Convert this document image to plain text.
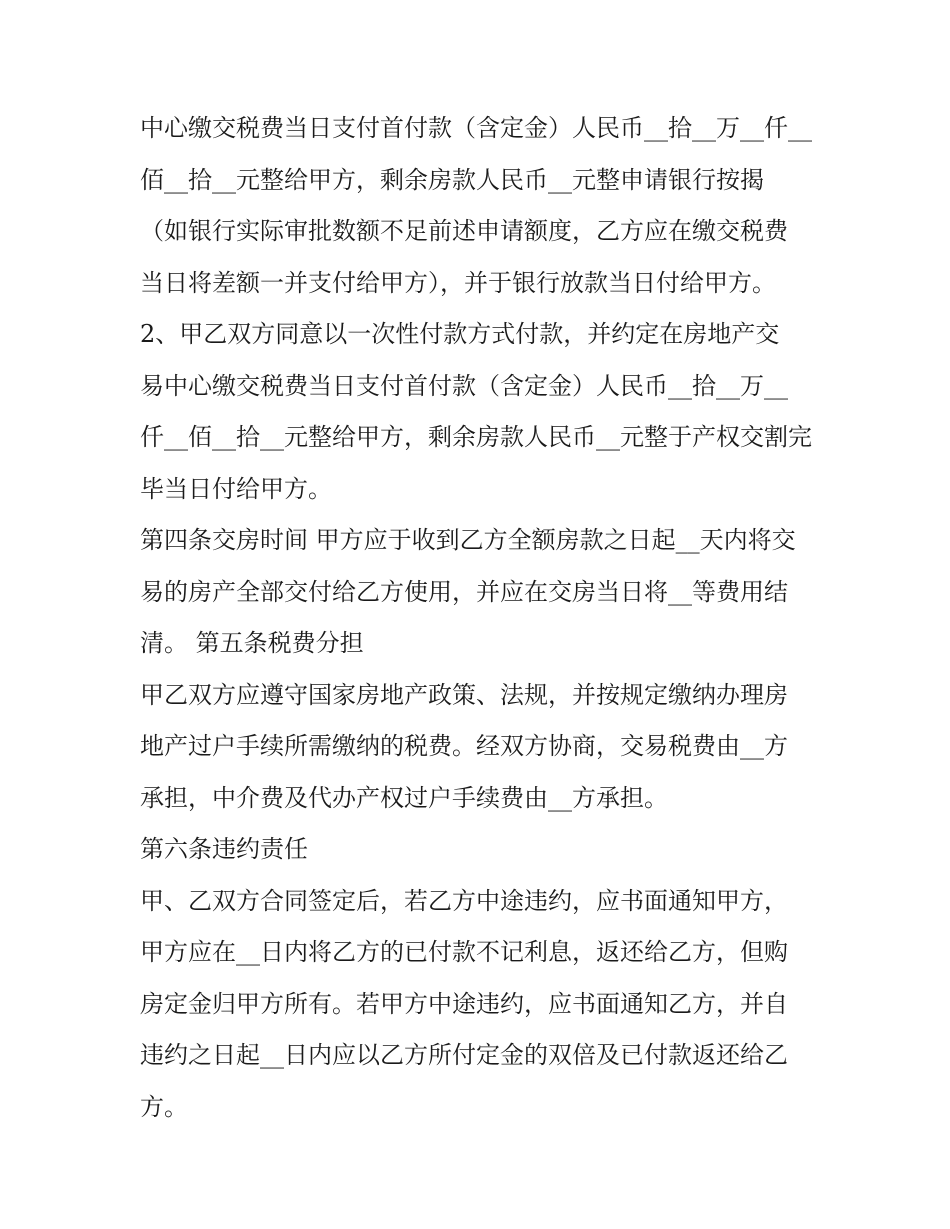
中心缴交税费当日支付首付款（含定金）人民币__拾__万__仟__

佰__拾__元整给甲方，剩余房款人民币__元整申请银行按揭

（如银行实际审批数额不足前述申请额度，乙方应在缴交税费

当日将差额一并支付给甲方），并于银行放款当日付给甲方。

2、甲乙双方同意以一次性付款方式付款，并约定在房地产交

易中心缴交税费当日支付首付款（含定金）人民币__拾__万__

仟__佰__拾__元整给甲方，剩余房款人民币__元整于产权交割完

毕当日付给甲方。

第四条交房时间 甲方应于收到乙方全额房款之日起__天内将交

易的房产全部交付给乙方使用，并应在交房当日将__等费用结

清。 第五条税费分担

甲乙双方应遵守国家房地产政策、法规，并按规定缴纳办理房

地产过户手续所需缴纳的税费。经双方协商，交易税费由__方

承担，中介费及代办产权过户手续费由__方承担。

第六条违约责任

甲、乙双方合同签定后，若乙方中途违约，应书面通知甲方，

甲方应在__日内将乙方的已付款不记利息，返还给乙方，但购

房定金归甲方所有。若甲方中途违约，应书面通知乙方，并自

违约之日起__日内应以乙方所付定金的双倍及已付款返还给乙

方。
